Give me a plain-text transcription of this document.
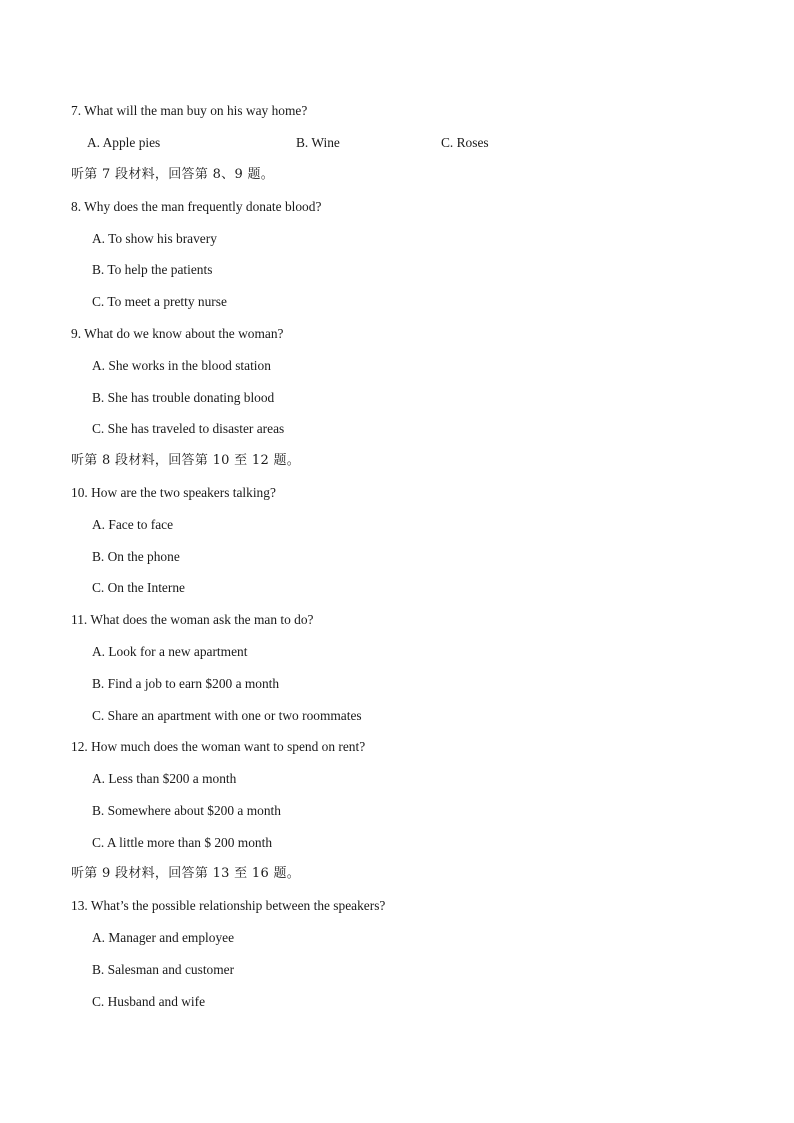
7. What will the man buy on his way home?
A. Apple pies	B. Wine	C. Roses
听第 7 段材料，回答第 8、9 题。
8. Why does the man frequently donate blood?
A. To show his bravery
B. To help the patients
C. To meet a pretty nurse
9. What do we know about the woman?
A. She works in the blood station
B. She has trouble donating blood
C. She has traveled to disaster areas
听第 8 段材料，回答第 10 至 12 题。
10. How are the two speakers talking?
A. Face to face
B. On the phone
C. On the Interne
11. What does the woman ask the man to do?
A. Look for a new apartment
B. Find a job to earn $200 a month
C. Share an apartment with one or two roommates
12. How much does the woman want to spend on rent?
A. Less than $200 a month
B. Somewhere about $200 a month
C. A little more than $ 200 month
听第 9 段材料，回答第 13 至 16 题。
13. What’s the possible relationship between the speakers?
A. Manager and employee
B. Salesman and customer
C. Husband and wife
